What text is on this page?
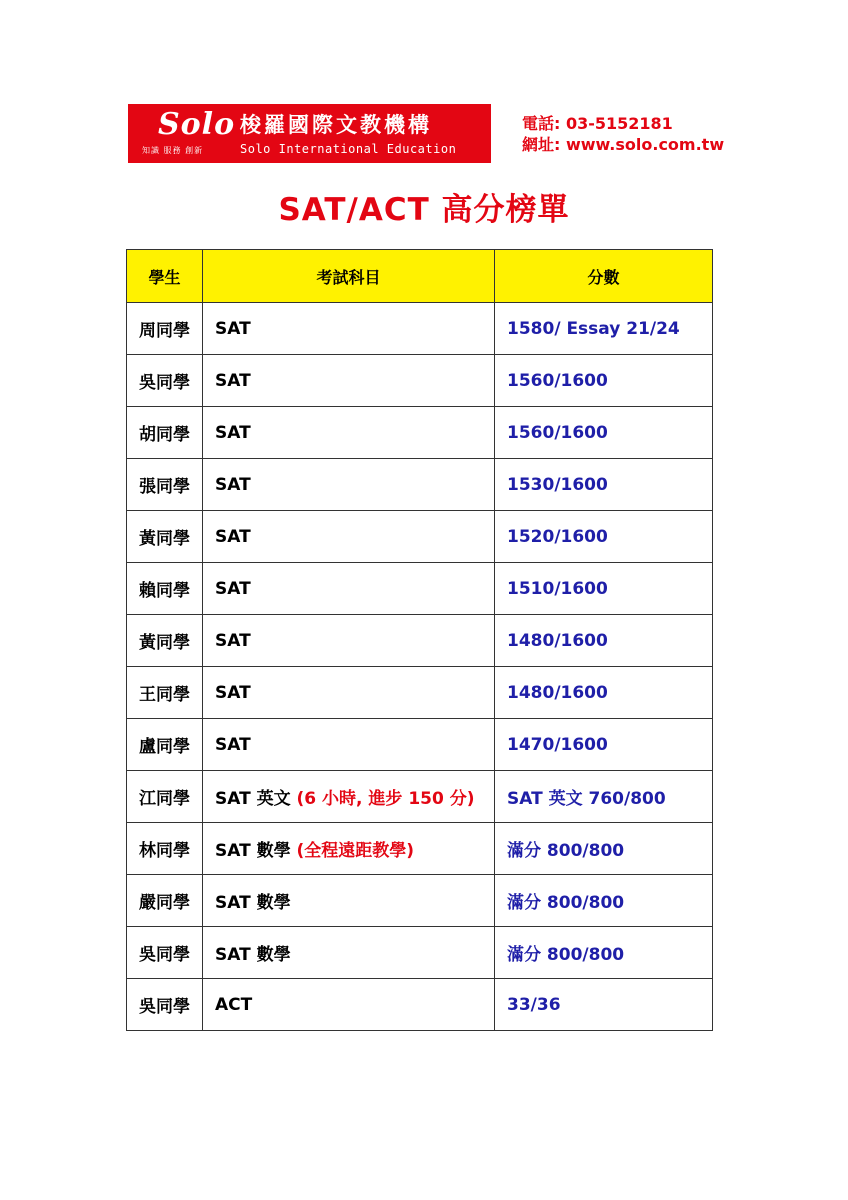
Solo
知識 服務 創新
梭羅國際文教機構
Solo International Education
電話: 03-5152181
網址: www.solo.com.tw
SAT/ACT 高分榜單
學生	考試科目	分數
周同學	SAT	1580/ Essay 21/24
吳同學	SAT	1560/1600
胡同學	SAT	1560/1600
張同學	SAT	1530/1600
黃同學	SAT	1520/1600
賴同學	SAT	1510/1600
黃同學	SAT	1480/1600
王同學	SAT	1480/1600
盧同學	SAT	1470/1600
江同學	SAT 英文 (6 小時, 進步 150 分)	SAT 英文 760/800
林同學	SAT 數學 (全程遠距教學)	滿分 800/800
嚴同學	SAT 數學	滿分 800/800
吳同學	SAT 數學	滿分 800/800
吳同學	ACT	33/36
